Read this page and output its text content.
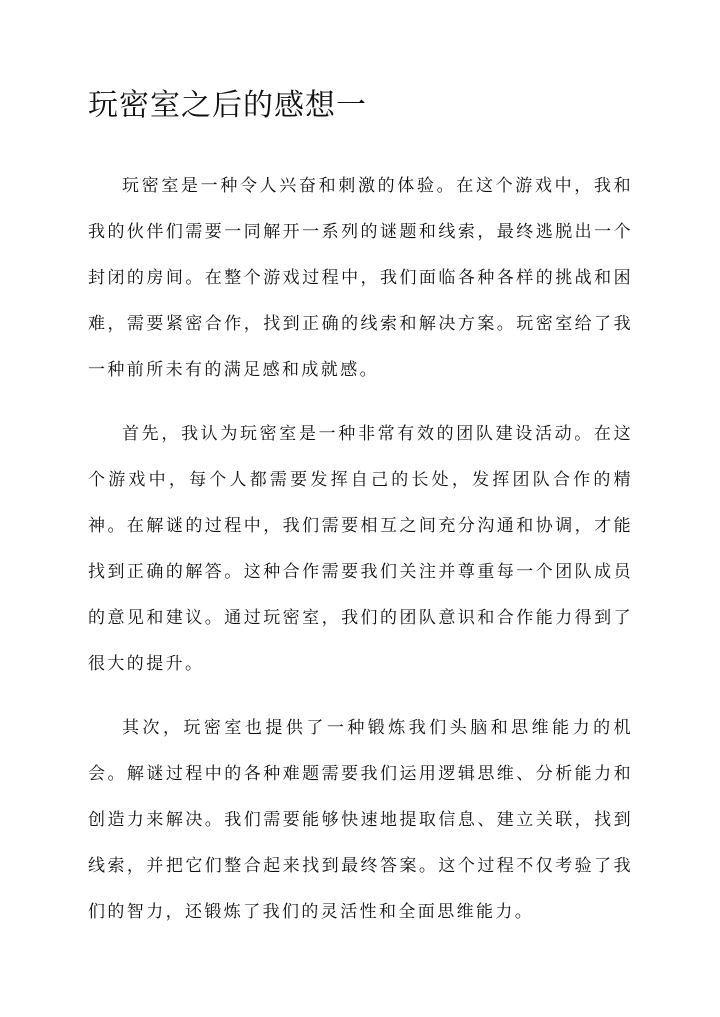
玩密室之后的感想一

玩密室是一种令人兴奋和刺激的体验。在这个游戏中，我和我的伙伴们需要一同解开一系列的谜题和线索，最终逃脱出一个封闭的房间。在整个游戏过程中，我们面临各种各样的挑战和困难，需要紧密合作，找到正确的线索和解决方案。玩密室给了我一种前所未有的满足感和成就感。

首先，我认为玩密室是一种非常有效的团队建设活动。在这个游戏中，每个人都需要发挥自己的长处，发挥团队合作的精神。在解谜的过程中，我们需要相互之间充分沟通和协调，才能找到正确的解答。这种合作需要我们关注并尊重每一个团队成员的意见和建议。通过玩密室，我们的团队意识和合作能力得到了很大的提升。

其次，玩密室也提供了一种锻炼我们头脑和思维能力的机会。解谜过程中的各种难题需要我们运用逻辑思维、分析能力和创造力来解决。我们需要能够快速地提取信息、建立关联，找到线索，并把它们整合起来找到最终答案。这个过程不仅考验了我们的智力，还锻炼了我们的灵活性和全面思维能力。
